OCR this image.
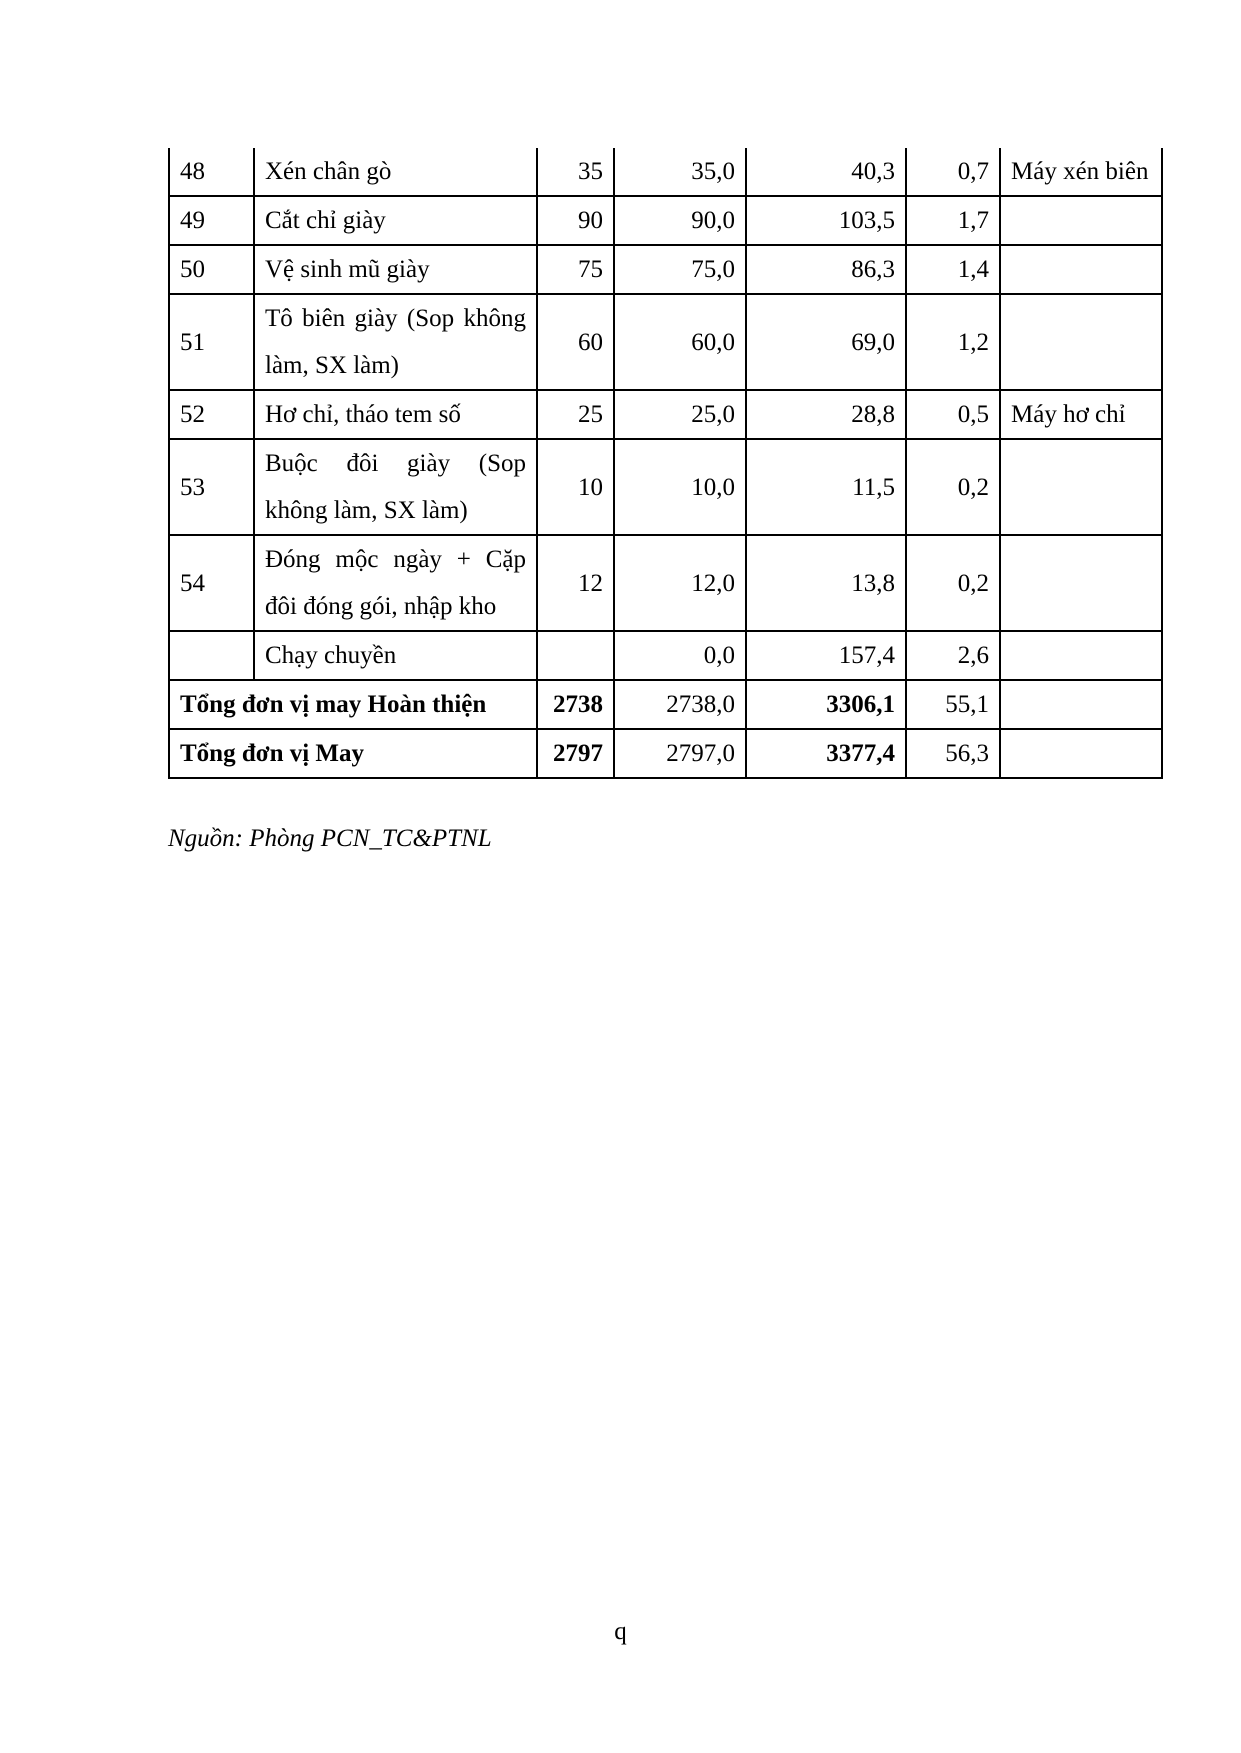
48	Xén chân gò	35	35,0	40,3	0,7	Máy xén biên
49	Cắt chỉ giày	90	90,0	103,5	1,7	
50	Vệ sinh mũ giày	75	75,0	86,3	1,4	
51	Tô biên giày (Sop không làm, SX làm)	60	60,0	69,0	1,2	
52	Hơ chỉ, tháo tem số	25	25,0	28,8	0,5	Máy hơ chỉ
53	Buộc đôi giày (Sop không làm, SX làm)	10	10,0	11,5	0,2	
54	Đóng mộc ngày + Cặp đôi đóng gói, nhập kho	12	12,0	13,8	0,2	
	Chạy chuyền		0,0	157,4	2,6	
Tổng đơn vị may Hoàn thiện		2738	2738,0	3306,1	55,1	
Tổng đơn vị May		2797	2797,0	3377,4	56,3	
Nguồn: Phòng PCN_TC&PTNL
q
